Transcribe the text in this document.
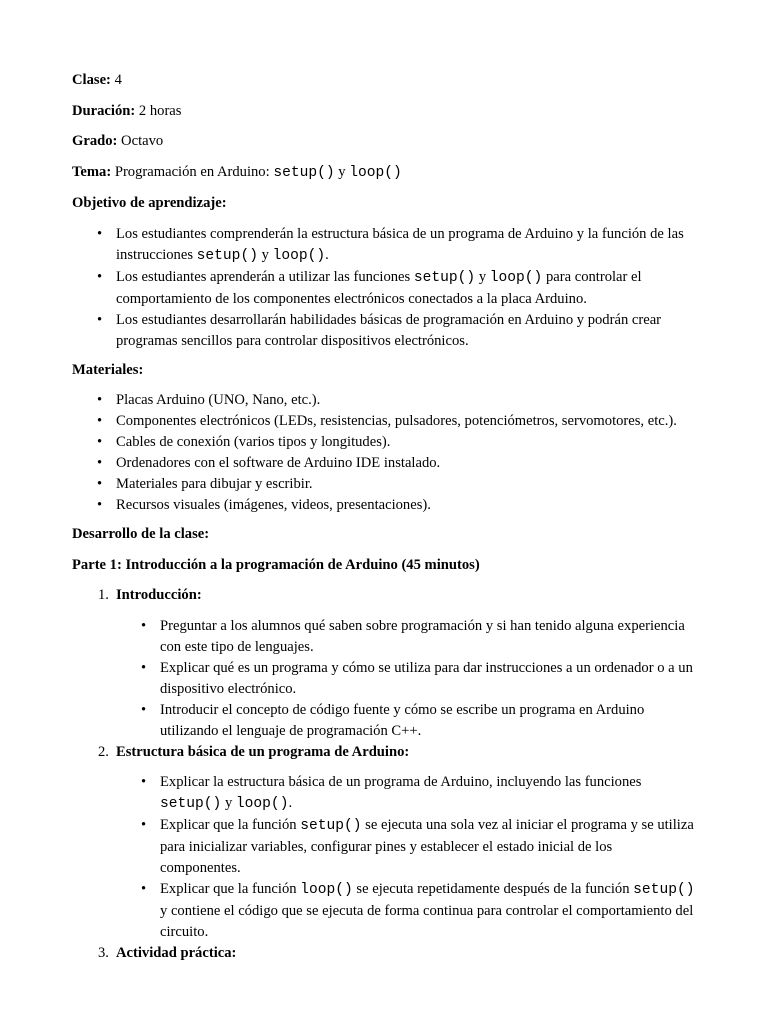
Clase: 4

Duración: 2 horas

Grado: Octavo

Tema: Programación en Arduino: setup() y loop()

Objetivo de aprendizaje:

• Los estudiantes comprenderán la estructura básica de un programa de Arduino y la función de las instrucciones setup() y loop().
• Los estudiantes aprenderán a utilizar las funciones setup() y loop() para controlar el comportamiento de los componentes electrónicos conectados a la placa Arduino.
• Los estudiantes desarrollarán habilidades básicas de programación en Arduino y podrán crear programas sencillos para controlar dispositivos electrónicos.

Materiales:

• Placas Arduino (UNO, Nano, etc.).
• Componentes electrónicos (LEDs, resistencias, pulsadores, potenciómetros, servomotores, etc.).
• Cables de conexión (varios tipos y longitudes).
• Ordenadores con el software de Arduino IDE instalado.
• Materiales para dibujar y escribir.
• Recursos visuales (imágenes, videos, presentaciones).

Desarrollo de la clase:

Parte 1: Introducción a la programación de Arduino (45 minutos)

1. Introducción:
• Preguntar a los alumnos qué saben sobre programación y si han tenido alguna experiencia con este tipo de lenguajes.
• Explicar qué es un programa y cómo se utiliza para dar instrucciones a un ordenador o a un dispositivo electrónico.
• Introducir el concepto de código fuente y cómo se escribe un programa en Arduino utilizando el lenguaje de programación C++.
2. Estructura básica de un programa de Arduino:
• Explicar la estructura básica de un programa de Arduino, incluyendo las funciones setup() y loop().
• Explicar que la función setup() se ejecuta una sola vez al iniciar el programa y se utiliza para inicializar variables, configurar pines y establecer el estado inicial de los componentes.
• Explicar que la función loop() se ejecuta repetidamente después de la función setup() y contiene el código que se ejecuta de forma continua para controlar el comportamiento del circuito.
3. Actividad práctica:
